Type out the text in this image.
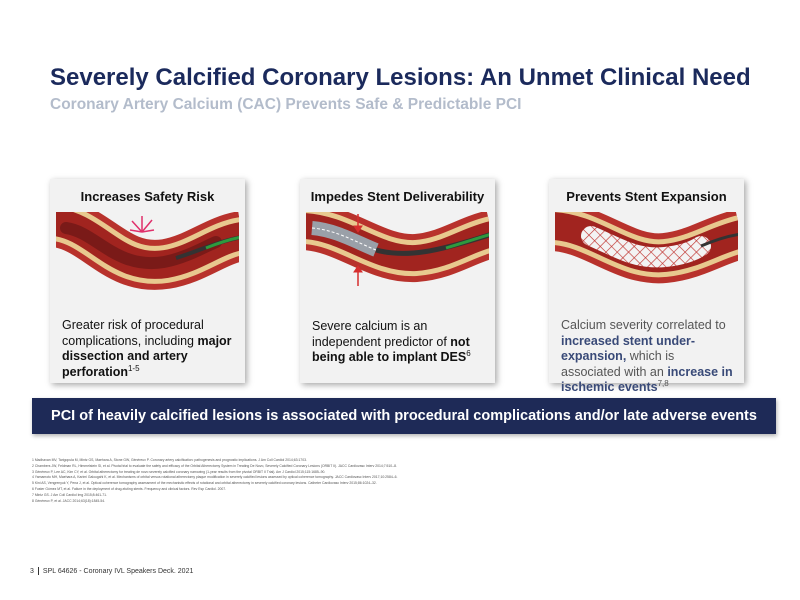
Severely Calcified Coronary Lesions: An Unmet Clinical Need
Coronary Artery Calcium (CAC) Prevents Safe & Predictable PCI
Increases Safety Risk
Greater risk of procedural complications, including major dissection and artery perforation$^{1-5}$
Impedes Stent Deliverability
Severe calcium is an independent predictor of not being able to implant DES$^6$
Prevents Stent Expansion
Calcium severity correlated to increased stent under-expansion, which is associated with an increase in ischemic events$^{7,8}$
PCI of heavily calcified lesions is associated with procedural complications and/or late adverse events
1 Madhavan MV, Tarigopula M, Mintz GS, Maehara A, Stone GW, Généreux P. Coronary artery calcification: pathogenesis and prognostic implications. J Am Coll Cardiol 2014;63:1703.
2 Chambers JW, Feldman RL, Himmelstein SI, et al. Pivotal trial to evaluate the safety and efficacy of the Orbital Atherectomy System in Treating De Novo, Severely Calcified Coronary Lesions (ORBIT II). JACC Cardiovasc Interv 2014;7:510–8.
3 Généreux P, Lee AC, Kim CY, et al. Orbital atherectomy for treating de novo severely calcified coronary narrowing (1-year results from the pivotal ORBIT II Trial). Am J Cardiol 2015;115:1685–90.
4 Yamamoto MH, Maehara A, Karimi Galougahi K, et al. Mechanisms of orbital versus rotational atherectomy plaque modification in severely calcified lesions assessed by optical coherence tomography. JACC Cardiovasc Interv 2017;10:2584–6.
5 Kini AS, Vengrenyuk Y, Pena J, et al. Optical coherence tomography assessment of the mechanistic effects of rotational and orbital atherectomy in severely calcified coronary lesions. Catheter Cardiovasc Interv 2015;86:1024–32.
6 Fuster Gómez MT, et al. Failure in the deployment of drug-eluting stents. Frequency and clinical factors. Rev Esp Cardiol. 2007.
7 Mintz GS. J Am Coll Cardiol Img 2015;8:461-71.
8 Généreux P, et al. JACC 2014;63(18):1845-54.
3 SPL 64626 - Coronary IVL Speakers Deck. 2021
